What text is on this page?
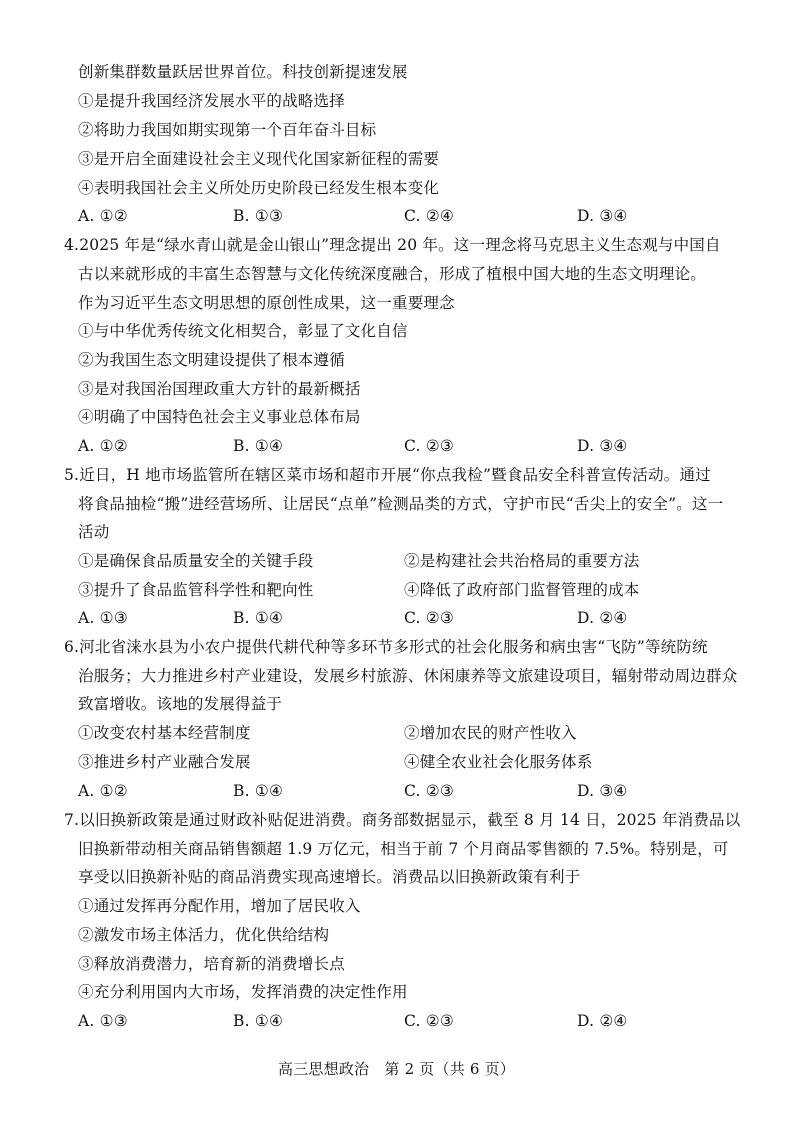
创新集群数量跃居世界首位。科技创新提速发展
①是提升我国经济发展水平的战略选择
②将助力我国如期实现第一个百年奋斗目标
③是开启全面建设社会主义现代化国家新征程的需要
④表明我国社会主义所处历史阶段已经发生根本变化
A. ①②	B. ①③	C. ②④	D. ③④
4.2025 年是“绿水青山就是金山银山”理念提出 20 年。这一理念将马克思主义生态观与中国自
古以来就形成的丰富生态智慧与文化传统深度融合，形成了植根中国大地的生态文明理论。
作为习近平生态文明思想的原创性成果，这一重要理念
①与中华优秀传统文化相契合，彰显了文化自信
②为我国生态文明建设提供了根本遵循
③是对我国治国理政重大方针的最新概括
④明确了中国特色社会主义事业总体布局
A. ①②	B. ①④	C. ②③	D. ③④
5.近日，H 地市场监管所在辖区菜市场和超市开展“你点我检”暨食品安全科普宣传活动。通过
将食品抽检“搬”进经营场所、让居民“点单”检测品类的方式，守护市民“舌尖上的安全”。这一
活动
①是确保食品质量安全的关键手段	②是构建社会共治格局的重要方法
③提升了食品监管科学性和靶向性	④降低了政府部门监督管理的成本
A. ①③	B. ①④	C. ②③	D. ②④
6.河北省涞水县为小农户提供代耕代种等多环节多形式的社会化服务和病虫害“飞防”等统防统
治服务；大力推进乡村产业建设，发展乡村旅游、休闲康养等文旅建设项目，辐射带动周边群众
致富增收。该地的发展得益于
①改变农村基本经营制度	②增加农民的财产性收入
③推进乡村产业融合发展	④健全农业社会化服务体系
A. ①②	B. ①④	C. ②③	D. ③④
7.以旧换新政策是通过财政补贴促进消费。商务部数据显示，截至 8 月 14 日，2025 年消费品以
旧换新带动相关商品销售额超 1.9 万亿元，相当于前 7 个月商品零售额的 7.5%。特别是，可
享受以旧换新补贴的商品消费实现高速增长。消费品以旧换新政策有利于
①通过发挥再分配作用，增加了居民收入
②激发市场主体活力，优化供给结构
③释放消费潜力，培育新的消费增长点
④充分利用国内大市场，发挥消费的决定性作用
A. ①③	B. ①④	C. ②③	D. ②④
高三思想政治　第 2 页（共 6 页）
